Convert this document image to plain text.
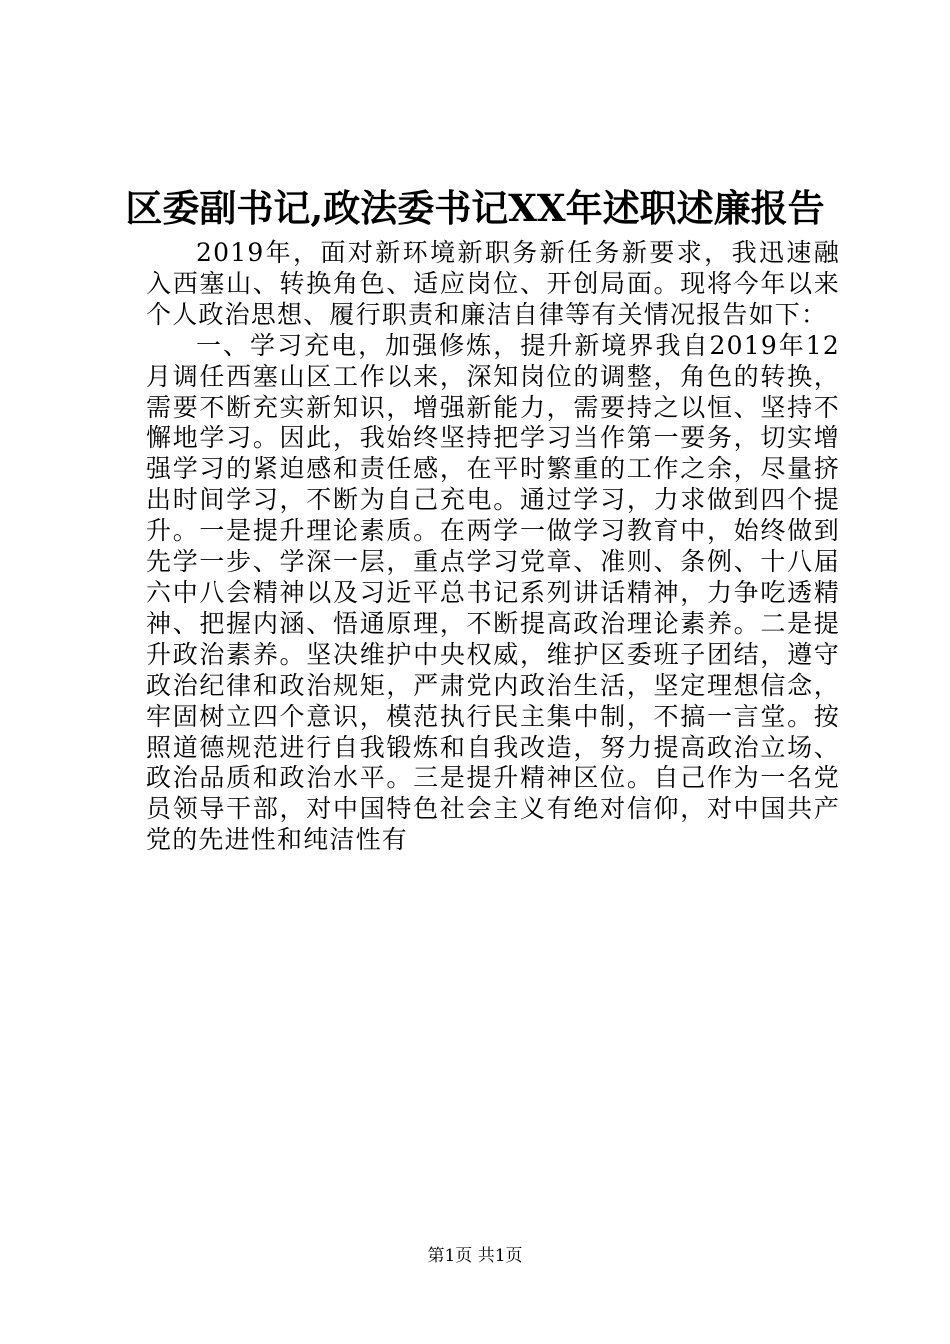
区委副书记,政法委书记XX年述职述廉报告

2019年，面对新环境新职务新任务新要求，我迅速融入西塞山、转换角色、适应岗位、开创局面。现将今年以来个人政治思想、履行职责和廉洁自律等有关情况报告如下：

一、学习充电，加强修炼，提升新境界我自2019年12月调任西塞山区工作以来，深知岗位的调整，角色的转换，需要不断充实新知识，增强新能力，需要持之以恒、坚持不懈地学习。因此，我始终坚持把学习当作第一要务，切实增强学习的紧迫感和责任感，在平时繁重的工作之余，尽量挤出时间学习，不断为自己充电。通过学习，力求做到四个提升。一是提升理论素质。在两学一做学习教育中，始终做到先学一步、学深一层，重点学习党章、准则、条例、十八届六中八会精神以及习近平总书记系列讲话精神，力争吃透精神、把握内涵、悟通原理，不断提高政治理论素养。二是提升政治素养。坚决维护中央权威，维护区委班子团结，遵守政治纪律和政治规矩，严肃党内政治生活，坚定理想信念，牢固树立四个意识，模范执行民主集中制，不搞一言堂。按照道德规范进行自我锻炼和自我改造，努力提高政治立场、政治品质和政治水平。三是提升精神区位。自己作为一名党员领导干部，对中国特色社会主义有绝对信仰，对中国共产党的先进性和纯洁性有

第1页 共1页
